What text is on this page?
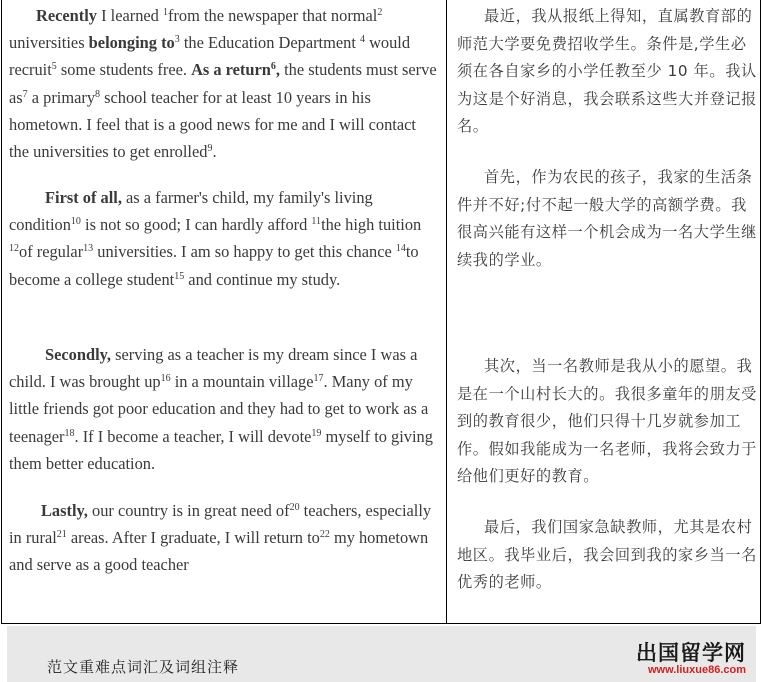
Recently I learned $^1$from the newspaper that normal$^2$ universities belonging $to^3$ the Education Department $^4$ would recruit$^5$ some students free. As a return$^6$, the students must serve $as^7$ a primary$^8$ school teacher for at least 10 years in his hometown. I feel that is a good news for me and I will contact the universities to get enrolled$^9$.

First of all, as a farmer's child, my family's living condition$^{10}$ is not so good; I can hardly afford $^{11}$the high tuition $^{12}$of regular$^{13}$ universities. I am so happy to get this chance $^{14}$to become a college student$^{15}$ and continue my study.

Secondly, serving as a teacher is my dream since I was a child. I was brought $up^{16}$ in a mountain village$^{17}$. Many of my little friends got poor education and they had to get to work as a teenager$^{18}$. If I become a teacher, I will devote$^{19}$ myself to giving them better education.

Lastly, our country is in great need $of^{20}$ teachers, especially in rural$^{21}$ areas. After I graduate, I will return $to^{22}$ my hometown and serve as a good teacher

最近，我从报纸上得知，直属教育部的师范大学要免费招收学生。条件是,学生必须在各自家乡的小学任教至少 10 年。我认为这是个好消息，我会联系这些大并登记报名。

首先，作为农民的孩子，我家的生活条件并不好;付不起一般大学的高额学费。我很高兴能有这样一个机会成为一名大学生继续我的学业。

其次，当一名教师是我从小的愿望。我是在一个山村长大的。我很多童年的朋友受到的教育很少，他们只得十几岁就参加工作。假如我能成为一名老师，我将会致力于给他们更好的教育。

最后，我们国家急缺教师，尤其是农村地区。我毕业后，我会回到我的家乡当一名优秀的老师。

范文重难点词汇及词组注释
出国留学网
www.liuxue86.com
